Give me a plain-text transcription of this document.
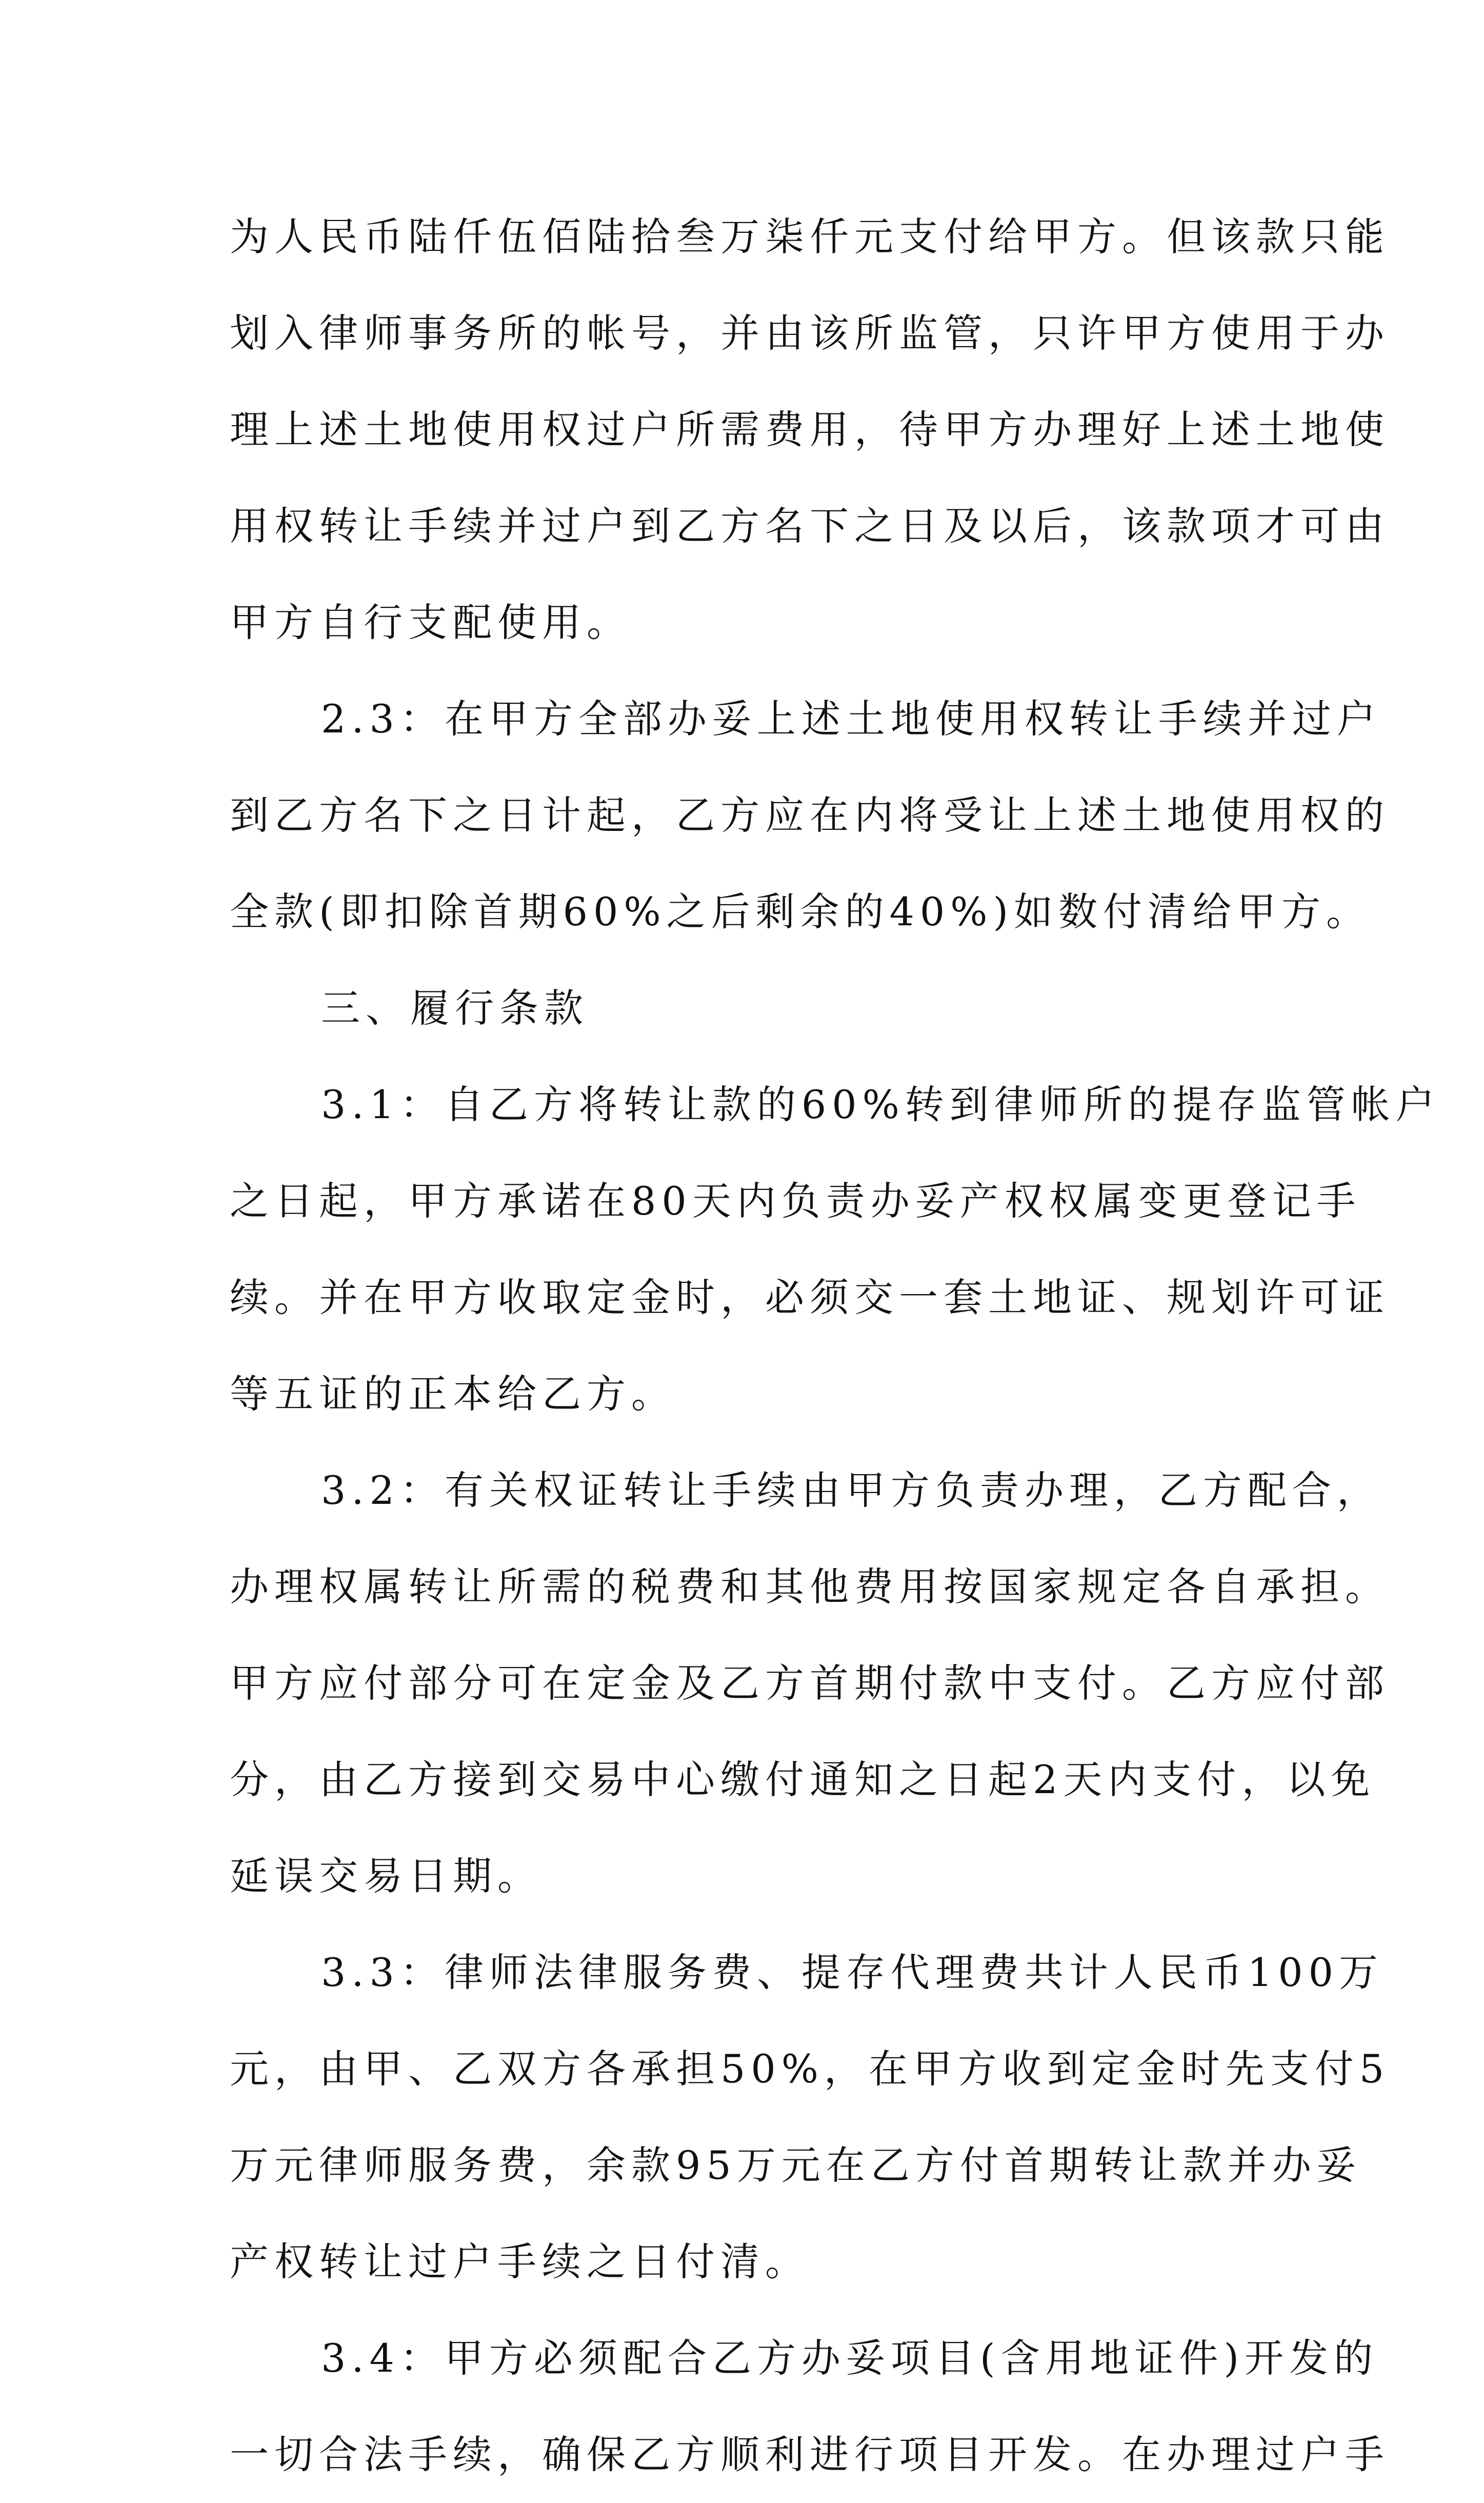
为人民币陆仟伍佰陆拾叁万柒仟元支付给甲方。但该款只能
划入律师事务所的帐号，并由该所监管，只许甲方使用于办
理上述土地使用权过户所需费用，待甲方办理好上述土地使
用权转让手续并过户到乙方名下之日及以后，该款项才可由
甲方自行支配使用。
2.3：在甲方全部办妥上述土地使用权转让手续并过户
到乙方名下之日计起，乙方应在内将受让上述土地使用权的
全款(即扣除首期60%之后剩余的40%)如数付清给甲方。
三、履行条款
3.1：自乙方将转让款的60%转到律师所的提存监管帐户
之日起，甲方承诺在80天内负责办妥产权权属变更登记手
续。并在甲方收取定金时，必须交一套土地证、规划许可证
等五证的正本给乙方。
3.2：有关权证转让手续由甲方负责办理，乙方配合，
办理权属转让所需的税费和其他费用按国家规定各自承担。
甲方应付部分可在定金及乙方首期付款中支付。乙方应付部
分，由乙方接到交易中心缴付通知之日起2天内支付，以免
延误交易日期。
3.3：律师法律服务费、提存代理费共计人民币100万
元，由甲、乙双方各承担50%，在甲方收到定金时先支付5
万元律师服务费，余款95万元在乙方付首期转让款并办妥
产权转让过户手续之日付清。
3.4：甲方必须配合乙方办妥项目(含用地证件)开发的
一切合法手续，确保乙方顺利进行项目开发。在办理过户手
